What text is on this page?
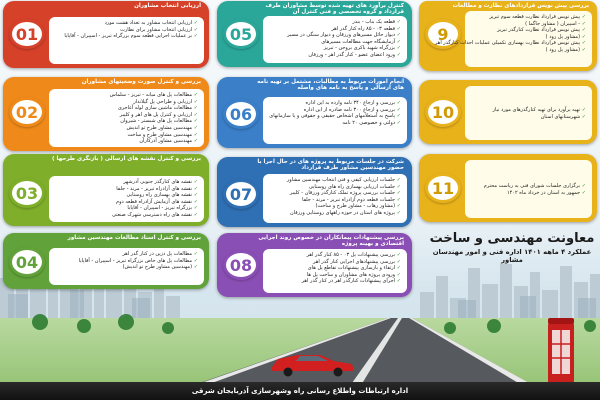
ارزیابی انتخاب مشاوران
01
✓ ارزیابی انتخاب مشاور به تعداد هشت مورد
✓ ارزیابی انتخاب مشاور برای نظارت
✓ بر عملیات اجرایی قطعه سوم بزرگراه تبریز - اسپیران - آقاپایا
بررسی و کنترل صورت وضعیتهای مشاوران
02
✓ مطالعات پل های میانه - تبریز - سلماس
✓ ارزیابی و طراحی پل گیلاندار
✓ مطالعات ماشین سازی لوله آغاجری
✓ ارزیابی و کنترل پل های اهر و کلیبر
✓ مطالعات پل های شبستر - شیروان
✓ مهندسین مشاور طرح تو اندیش
✓ مهندسین مشاور طرح و ساخت
✓ مهندسین مشاور آذرکاران
بررسی و کنترل نقشه های ارسالی ( بازنگری طرحها )
03
✓ نقشه های کنارگذر جنوبی آذرشهر
✓ نقشه های آزادراه تبریز - مرند - جلفا
✓ نقشه های بهسازی راه روستایی
✓ نقشه های آزمایش آزادراه قطعه دوم
✓ بزرگراه تبریز - اسپیران - آقاپایا
✓ نقشه های راه دسترسی شهرک صنعتی
بررسی و کنترل اسناد مطالعات مهندسین مشاور
04	✓ مطالعات پل دزین در کنار گذر اهر
✓ مطالعات پل های خاص بزرگراه تبریز - اسپیران - آقاپایا
✓ (مهندسین مشاور طرح تو اندیش)
کنترل برآورد های تهیه شده توسط مشاوران طرف قرارداد و گروه تخصصی و فنی کنترل آن
05
✓ قطعه یک بناب - بندر
✓ قطعه ۰۳ - ۸۵ راه کنار گذر اهر
✓ دیوار حائل مسیرهای ورزقان و دیوار سنگی در مسیر
✓ آزمایشگاه جهت مطالعات مسیرهای
✓ بزرگراه شهید باکری بروجن - تبریز
✓ ورود اعضای عضو - کنار گذر اهر - ورزقان
انجام امورات مربوط به مطالبات، مشتمل بر تهیه نامه های ارسالی و پاسخ به نامه های واصله
06
✓ بررسی و ارجاع ۳۴۰ نامه وارده به این اداره
✓ بررسی و ارجاع ۳۰۰ نامه صادره از این اداره
✓ پاسخ به استعلامهای اشخاص حقیقی و حقوقی و یا سازمانهای
✓ دولتی و خصوصی ۲۰ نامه
شرکت در جلسات مربوط به پروژه های در حال اجرا با حضور مهندسین مشاور طرف قرارداد
07
✓ جلسات ارزیابی کیفی و فنی انتخاب مهندسین مشاور
✓ جلسات ارزیابی بهسازی راه های روستایی
✓ جلسات بررسی پروژه تملک کنارگذر ورزقان - کلیبر
✓ جلسات قطعه دوم آزادراه تبریز - مرند - جلفا
✓ (مشاور رهاب - مشاور طرح و ساخت)
✓ پروژه های استان در حوزه راههای روستایی ورزقان
بررسی پیشنهادات پیمانکاران در خصوص روند اجرایی اقتصادی و بهینه پروژه
08
✓ بررسی پیشنهادات پل ۰۳ - ۸۵ کنار گذر اهر
✓ بررسی پیشنهادهای اجرایی کنار گذر اهر
✓ ارتقاء و بازسازی پیشنهادات تقاطع پل های
✓ ورودی پروژه های مشاوران و ساخت پل ها
✓ اجرای پیشنهادات کنارگذر اهر در کنار گذر اهر
بررسی پیش نویس قراردادهای نظارت و مطالعات
9
✓ پیش نویس قرارداد نظارت قطعه سوم تبریز
✓ - اسپیران ( مشاور جاگما )
✓ پیش نویس قرارداد نظارت کنارگذر تبریز
✓ (مشاور پل رود )
✓ پیش نویس قرارداد نظارت بهسازی تکمیلی عملیات احداث کنارگذر اهر
✓ (مشاور پل رود )
10	✓ تهیه برآورد برای تهیه کنارگذرهای مورد نیاز
✓ شهرستانهای استان
11	✓ برگزاری جلسات شورای فنی به ریاست محترم
✓ جمهور به استان در خرداد ماه ۱۴۰۲
معاونت مهندسی و ساخت
عملکرد ۴ ماهه ۱۴۰۱ اداره فنی و امور مهندسان مشاور
اداره ارتباطات واطلاع رسانی راه وشهرسازی آذربایجان شرقی
